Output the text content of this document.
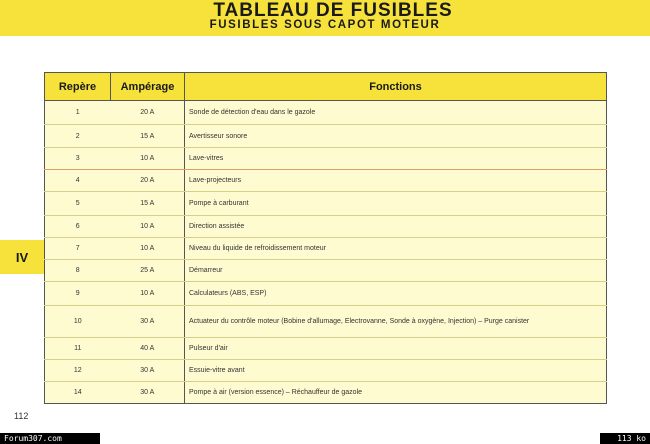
TABLEAU DE FUSIBLES
FUSIBLES SOUS CAPOT MOTEUR
Repère	Ampérage	Fonctions
1	20 A	Sonde de détection d'eau dans le gazole
2	15 A	Avertisseur sonore
3	10 A	Lave-vitres
4	20 A	Lave-projecteurs
5	15 A	Pompe à carburant
6	10 A	Direction assistée
7	10 A	Niveau du liquide de refroidissement moteur
8	25 A	Démarreur
9	10 A	Calculateurs (ABS, ESP)
10	30 A	Actuateur du contrôle moteur (Bobine d'allumage, Electrovanne, Sonde à oxygène, Injection) – Purge canister
11	40 A	Pulseur d'air
12	30 A	Essuie-vitre avant
14	30 A	Pompe à air (version essence) – Réchauffeur de gazole
IV
112
Forum307.com	113 ko
